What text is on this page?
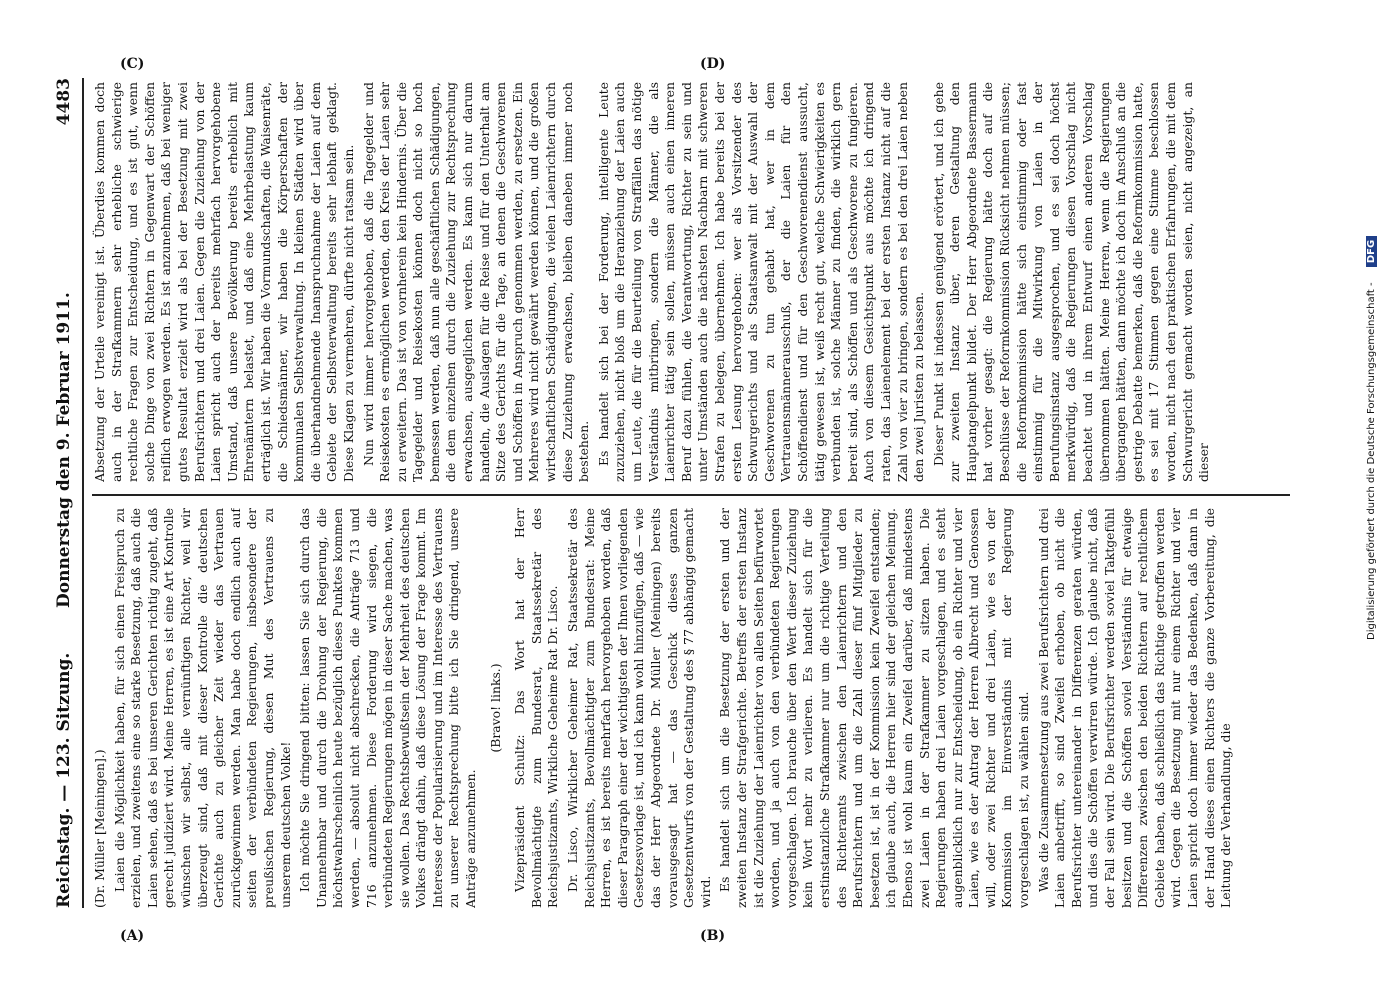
Reichstag. — 123. Sitzung.
Donnerstag den 9. Februar 1911.
4483

(Dr. Müller [Meiningen].) Laien die Möglichkeit haben, für sich einen Freispruch zu erzielen, und zweitens eine so starke Besetzung, daß auch die Laien sehen, daß es bei unseren Gerichten richtig zugeht, daß gerecht judiziert wird. Meine Herren, es ist eine Art Kontrolle wünschen wir selbst, alle vernünftigen Richter, weil wir überzeugt sind, daß mit dieser Kontrolle die deutschen Gerichte auch zu gleicher Zeit wieder das Vertrauen zurückgewinnen werden. Man habe doch endlich auch auf seiten der verbündeten Regierungen, insbesondere der preußischen Regierung, diesen Mut des Vertrauens zu unserem deutschen Volke! Ich möchte Sie dringend bitten: lassen Sie sich durch das Unannehmbar und durch die Drohung der Regierung, die höchstwahrscheinlich heute bezüglich dieses Punktes kommen werden, — absolut nicht abschrecken, die Anträge 713 und 716 anzunehmen. Diese Forderung wird siegen, die verbündeten Regierungen mögen in dieser Sache machen, was sie wollen. Das Rechtsbewußtsein der Mehrheit des deutschen Volkes drängt dahin, daß diese Lösung der Frage kommt. Im Interesse der Popularisierung und im Interesse des Vertrauens zu unserer Rechtsprechung bitte ich Sie dringend, unsere Anträge anzunehmen.

(Bravo! links.) Vizepräsident Schultz: Das Wort hat der Herr Bevollmächtigte zum Bundesrat, Staatssekretär des Reichsjustizamts, Wirkliche Geheime Rat Dr. Lisco. Dr. Lisco, Wirklicher Geheimer Rat, Staatssekretär des Reichsjustizamts, Bevollmächtigter zum Bundesrat: Meine Herren, es ist bereits mehrfach hervorgehoben worden, daß dieser Paragraph einer der wichtigsten der Ihnen vorliegenden Gesetzesvorlage ist, und ich kann wohl hinzufügen, daß — wie das der Herr Abgeordnete Dr. Müller (Meiningen) bereits vorausgesagt hat — das Geschick dieses ganzen Gesetzentwurfs von der Gestaltung des § 77 abhängig gemacht wird. Es handelt sich um die Besetzung der ersten und der zweiten Instanz der Strafgerichte. Betreffs der ersten Instanz ist die Zuziehung der Laienrichter von allen Seiten befürwortet worden, und ja auch von den verbündeten Regierungen vorgeschlagen. Ich brauche über den Wert dieser Zuziehung kein Wort mehr zu verlieren. Es handelt sich für die erstinstanzliche Strafkammer nur um die richtige Verteilung des Richteramts zwischen den Laienrichtern und den Berufsrichtern und um die Zahl dieser fünf Mitglieder zu besetzen ist, ist in der Kommission kein Zweifel entstanden; ich glaube auch, die Herren hier sind der gleichen Meinung. Ebenso ist wohl kaum ein Zweifel darüber, daß mindestens zwei Laien in der Strafkammer zu sitzen haben. Die Regierungen haben drei Laien vorgeschlagen, und es steht augenblicklich nur zur Entscheidung, ob ein Richter und vier Laien, wie es der Antrag der Herren Albrecht und Genossen will, oder zwei Richter und drei Laien, wie es von der Kommission im Einverständnis mit der Regierung vorgeschlagen ist, zu wählen sind. Was die Zusammensetzung aus zwei Berufsrichtern und drei Laien anbetrifft, so sind Zweifel erhoben, ob nicht die Berufsrichter untereinander in Differenzen geraten würden, und dies die Schöffen verwirren würde. Ich glaube nicht, daß der Fall sein wird. Die Berufsrichter werden soviel Taktgefühl besitzen und die Schöffen soviel Verständnis für etwaige Differenzen zwischen den beiden Richtern auf rechtlichem Gebiete haben, daß schließlich das Richtige getroffen werden wird. Gegen die Besetzung mit nur einem Richter und vier Laien spricht doch immer wieder das Bedenken, daß dann in der Hand dieses einen Richters die ganze Vorbereitung, die Leitung der Verhandlung, die

Absetzung der Urteile vereinigt ist. Überdies kommen doch auch in der Strafkammern sehr erhebliche schwierige rechtliche Fragen zur Entscheidung, und es ist gut, wenn solche Dinge von zwei Richtern in Gegenwart der Schöffen reiflich erwogen werden. Es ist anzunehmen, daß bei weniger gutes Resultat erzielt wird als bei der Besetzung mit zwei Berufsrichtern und drei Laien. Gegen die Zuziehung von der Laien spricht auch der bereits mehrfach hervorgehobene Umstand, daß unsere Bevölkerung bereits erheblich mit Ehrenämtern belastet, und daß eine Mehrbelastung kaum erträglich ist. Wir haben die Vormundschaften, die Waisenräte, die Schiedsmänner, wir haben die Körperschaften der kommunalen Selbstverwaltung. In kleinen Städten wird über die überhandnehmende Inanspruchnahme der Laien auf dem Gebiete der Selbstverwaltung bereits sehr lebhaft geklagt. Diese Klagen zu vermehren, dürfte nicht ratsam sein. Nun wird immer hervorgehoben, daß die Tagegelder und Reisekosten es ermöglichen werden, den Kreis der Laien sehr zu erweitern. Das ist von vornherein kein Hindernis. Über die Tagegelder und Reisekosten können doch nicht so hoch bemessen werden, daß nun alle geschäftlichen Schädigungen, die dem einzelnen durch die Zuziehung zur Rechtsprechung erwachsen, ausgeglichen werden. Es kann sich nur darum handeln, die Auslagen für die Reise und für den Unterhalt am Sitze des Gerichts für die Tage, an denen die Geschworenen und Schöffen in Anspruch genommen werden, zu ersetzen. Ein Mehreres wird nicht gewährt werden können, und die großen wirtschaftlichen Schädigungen, die vielen Laienrichtern durch diese Zuziehung erwachsen, bleiben daneben immer noch bestehen. Es handelt sich bei der Forderung, intelligente Leute zuzuziehen, nicht bloß um die Heranziehung der Laien auch um Leute, die für die Beurteilung von Straffällen das nötige Verständnis mitbringen, sondern die Männer, die als Laienrichter tätig sein sollen, müssen auch einen inneren Beruf dazu fühlen, die Verantwortung, Richter zu sein und unter Umständen auch die nächsten Nachbarn mit schweren Strafen zu belegen, übernehmen. Ich habe bereits bei der ersten Lesung hervorgehoben: wer als Vorsitzender des Schwurgerichts und als Staatsanwalt mit der Auswahl der Geschworenen zu tun gehabt hat, wer in dem Vertrauensmännerausschuß, der die Laien für den Schöffendienst und für den Geschworenendienst aussucht, tätig gewesen ist, weiß recht gut, welche Schwierigkeiten es verbunden ist, solche Männer zu finden, die wirklich gern bereit sind, als Schöffen und als Geschworene zu fungieren. Auch von diesem Gesichtspunkt aus möchte ich dringend raten, das Laienelement bei der ersten Instanz nicht auf die Zahl von vier zu bringen, sondern es bei den drei Laien neben den zwei Juristen zu belassen. Dieser Punkt ist indessen genügend erörtert, und ich gehe zur zweiten Instanz über, deren Gestaltung den Hauptangelpunkt bildet. Der Herr Abgeordnete Bassermann hat vorher gesagt: die Regierung hätte doch auf die Beschlüsse der Reformkommission Rücksicht nehmen müssen; die Reformkommission hätte sich einstimmig oder fast einstimmig für die Mitwirkung von Laien in der Berufungsinstanz ausgesprochen, und es sei doch höchst merkwürdig, daß die Regierungen diesen Vorschlag nicht beachtet und in ihrem Entwurf einen anderen Vorschlag übernommen hätten. Meine Herren, wenn die Regierungen übergangen hätten, dann möchte ich doch im Anschluß an die gestrige Debatte bemerken, daß die Reformkommission hatte, es sei mit 17 Stimmen gegen eine Stimme beschlossen worden, nicht nach den praktischen Erfahrungen, die mit dem Schwurgericht gemacht worden seien, nicht angezeigt, an dieser

(A)	(B)
(C)	(D)
Digitalisierung gefördert durch die Deutsche Forschungsgemeinschaft - DFG
